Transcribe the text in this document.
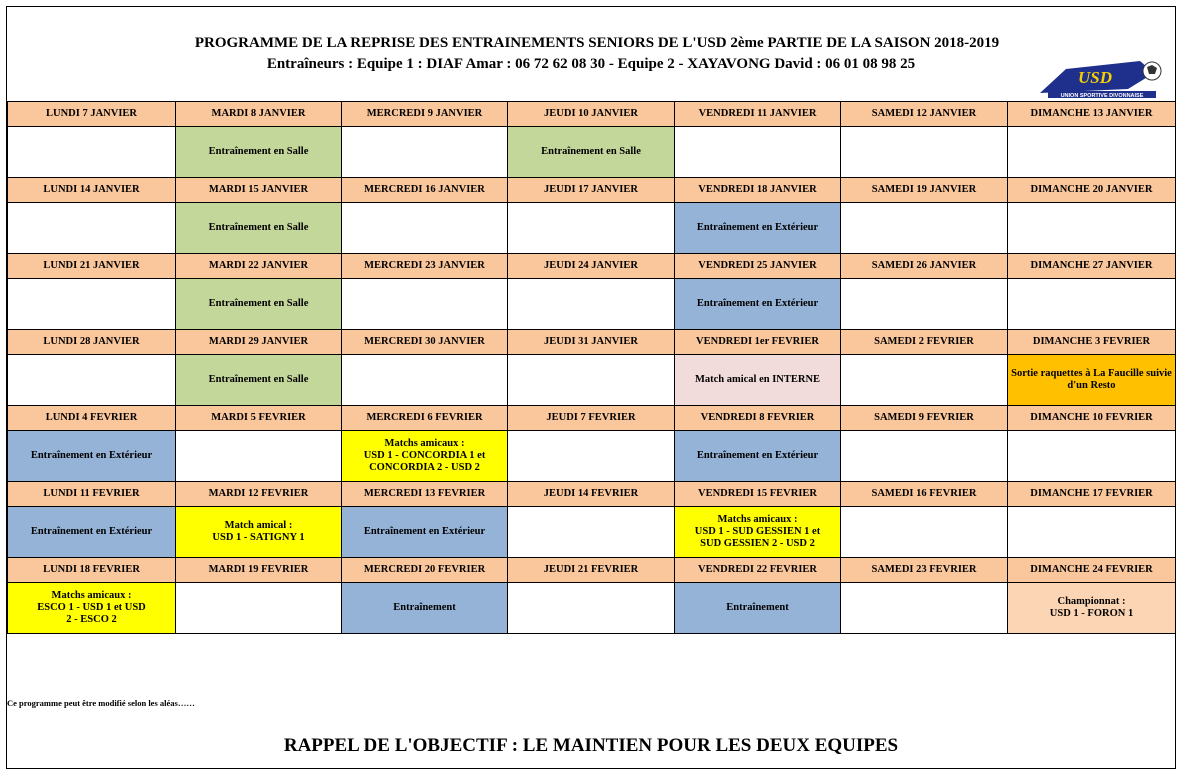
PROGRAMME DE LA REPRISE DES ENTRAINEMENTS SENIORS DE L'USD 2ème PARTIE DE LA SAISON 2018-2019
Entraîneurs : Equipe 1 : DIAF Amar : 06 72 62 08 30 - Equipe 2 - XAYAVONG David : 06 01 08 98 25
USD
UNION SPORTIVE DIVONNAISE
LUNDI 7 JANVIER	MARDI 8 JANVIER	MERCREDI 9 JANVIER	JEUDI 10 JANVIER	VENDREDI 11 JANVIER	SAMEDI 12 JANVIER	DIMANCHE 13 JANVIER
	Entraînement en Salle		Entraînement en Salle			
LUNDI 14 JANVIER	MARDI 15 JANVIER	MERCREDI 16 JANVIER	JEUDI 17 JANVIER	VENDREDI 18 JANVIER	SAMEDI 19 JANVIER	DIMANCHE 20 JANVIER
	Entraînement en Salle			Entraînement en Extérieur		
LUNDI 21 JANVIER	MARDI 22 JANVIER	MERCREDI 23 JANVIER	JEUDI 24 JANVIER	VENDREDI 25 JANVIER	SAMEDI 26 JANVIER	DIMANCHE 27 JANVIER
	Entraînement en Salle			Entraînement en Extérieur		
LUNDI 28 JANVIER	MARDI 29 JANVIER	MERCREDI 30 JANVIER	JEUDI 31 JANVIER	VENDREDI 1er FEVRIER	SAMEDI 2 FEVRIER	DIMANCHE 3 FEVRIER
	Entraînement en Salle			Match amical en INTERNE		Sortie raquettes à La Faucille suivie d'un Resto
LUNDI 4 FEVRIER	MARDI 5 FEVRIER	MERCREDI 6 FEVRIER	JEUDI 7 FEVRIER	VENDREDI 8 FEVRIER	SAMEDI 9 FEVRIER	DIMANCHE 10 FEVRIER
Entraînement en Extérieur		Matchs amicaux :
USD 1 - CONCORDIA 1 et
CONCORDIA 2 - USD 2		Entraînement en Extérieur		
LUNDI 11 FEVRIER	MARDI 12 FEVRIER	MERCREDI 13 FEVRIER	JEUDI 14 FEVRIER	VENDREDI 15 FEVRIER	SAMEDI 16 FEVRIER	DIMANCHE 17 FEVRIER
Entraînement en Extérieur	Match amical :
USD 1 - SATIGNY 1	Entraînement en Extérieur		Matchs amicaux :
USD 1 - SUD GESSIEN 1 et
SUD GESSIEN 2 - USD 2		
LUNDI 18 FEVRIER	MARDI 19 FEVRIER	MERCREDI 20 FEVRIER	JEUDI 21 FEVRIER	VENDREDI 22 FEVRIER	SAMEDI 23 FEVRIER	DIMANCHE 24 FEVRIER
Matchs amicaux :
ESCO 1 - USD 1 et USD
2 - ESCO 2		Entraînement		Entraînement		Championnat :
USD 1 - FORON 1
Ce programme peut être modifié selon les aléas……
RAPPEL DE L'OBJECTIF : LE MAINTIEN POUR LES DEUX EQUIPES
